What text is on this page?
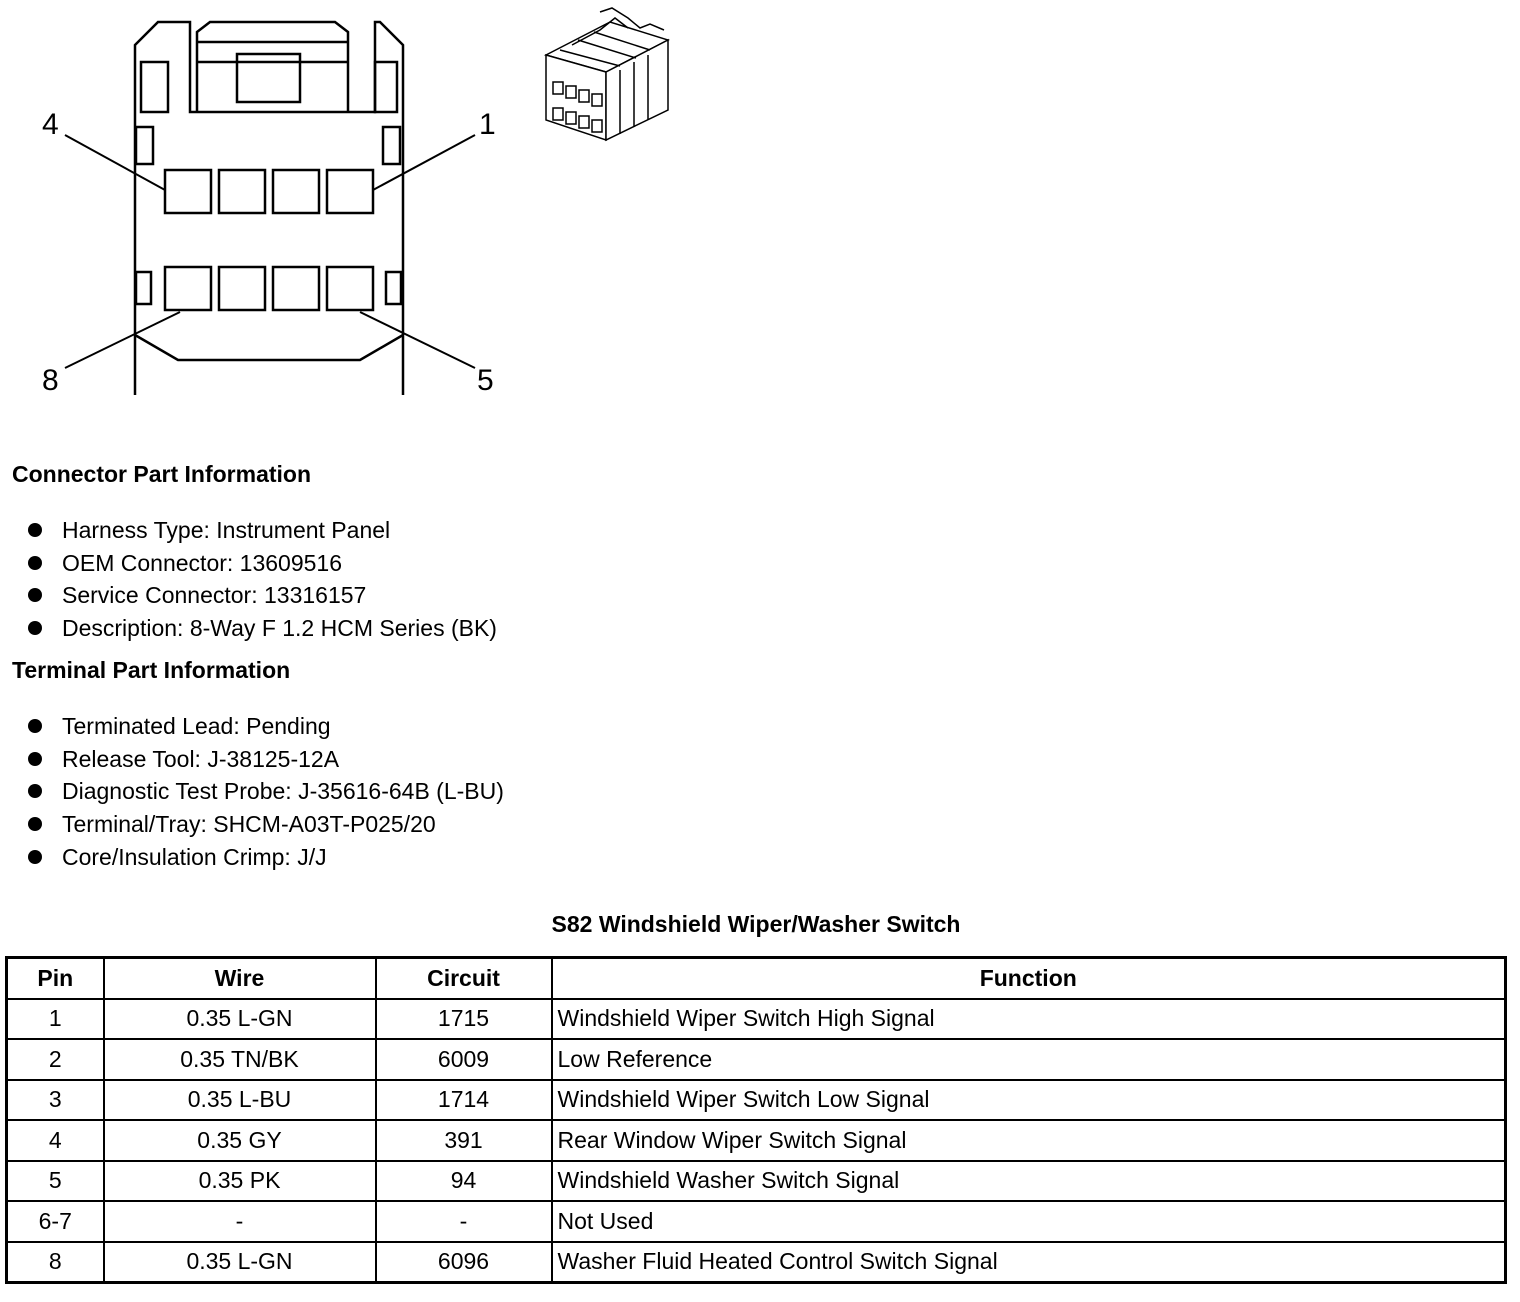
4	1
8	5
Connector Part Information
Harness Type: Instrument Panel
OEM Connector: 13609516
Service Connector: 13316157
Description: 8-Way F 1.2 HCM Series (BK)
Terminal Part Information
Terminated Lead: Pending
Release Tool: J-38125-12A
Diagnostic Test Probe: J-35616-64B (L-BU)
Terminal/Tray: SHCM-A03T-P025/20
Core/Insulation Crimp: J/J
S82 Windshield Wiper/Washer Switch
Pin	Wire	Circuit	Function
1	0.35 L-GN	1715	Windshield Wiper Switch High Signal
2	0.35 TN/BK	6009	Low Reference
3	0.35 L-BU	1714	Windshield Wiper Switch Low Signal
4	0.35 GY	391	Rear Window Wiper Switch Signal
5	0.35 PK	94	Windshield Washer Switch Signal
6-7	-	-	Not Used
8	0.35 L-GN	6096	Washer Fluid Heated Control Switch Signal
